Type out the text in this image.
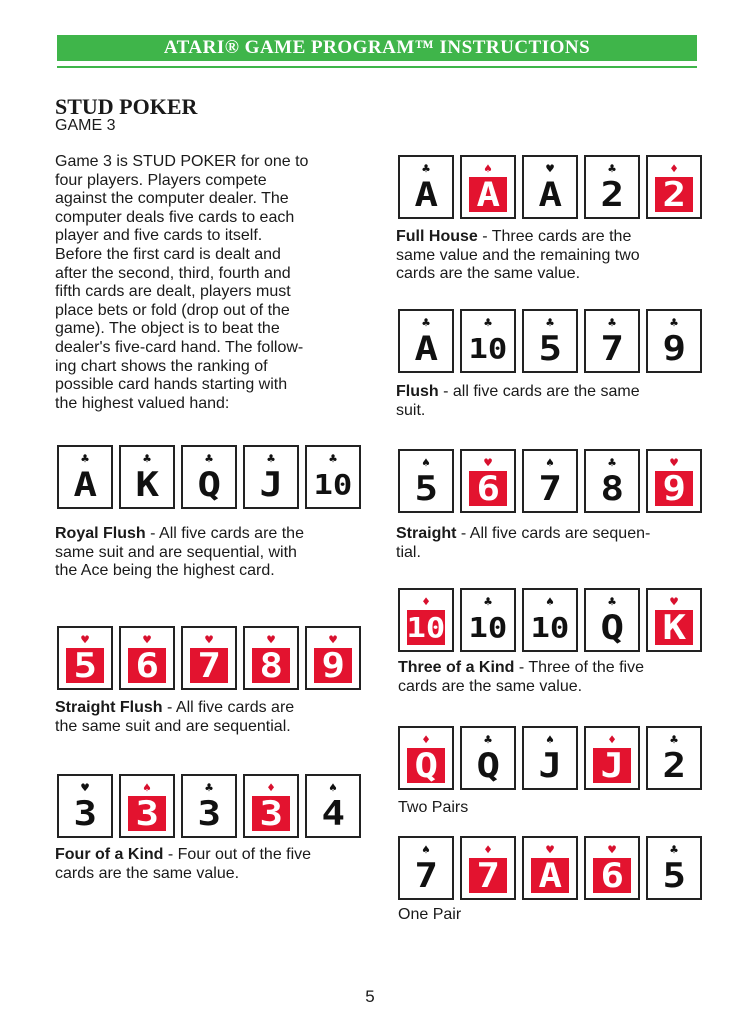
ATARI® GAME PROGRAM™ INSTRUCTIONS
STUD POKER
GAME 3
Game 3 is STUD POKER for one to
four players. Players compete
against the computer dealer. The
computer deals five cards to each
player and five cards to itself.
Before the first card is dealt and
after the second, third, fourth and
fifth cards are dealt, players must
place bets or fold (drop out of the
game). The object is to beat the
dealer's five-card hand. The follow-
ing chart shows the ranking of
possible card hands starting with
the highest valued hand:
♣
A
♣
K
♣
Q
♣
J
♣
10
Royal Flush - All five cards are the
same suit and are sequential, with
the Ace being the highest card.
♥
5
♥
6
♥
7
♥
8
♥
9
Straight Flush - All five cards are
the same suit and are sequential.
♥
3
♠
3
♣
3
♦
3
♠
4
Four of a Kind - Four out of the five
cards are the same value.
♣
A
♠
A
♥
A
♣
2
♦
2
Full House - Three cards are the
same value and the remaining two
cards are the same value.
♣
A
♣
10
♣
5
♣
7
♣
9
Flush - all five cards are the same
suit.
♠
5
♥
6
♠
7
♣
8
♥
9
Straight - All five cards are sequen-
tial.
♦
10
♣
10
♠
10
♣
Q
♥
K
Three of a Kind - Three of the five
cards are the same value.
♦
Q
♣
Q
♠
J
♦
J
♣
2
Two Pairs
♠
7
♦
7
♥
A
♥
6
♣
5
One Pair
5
